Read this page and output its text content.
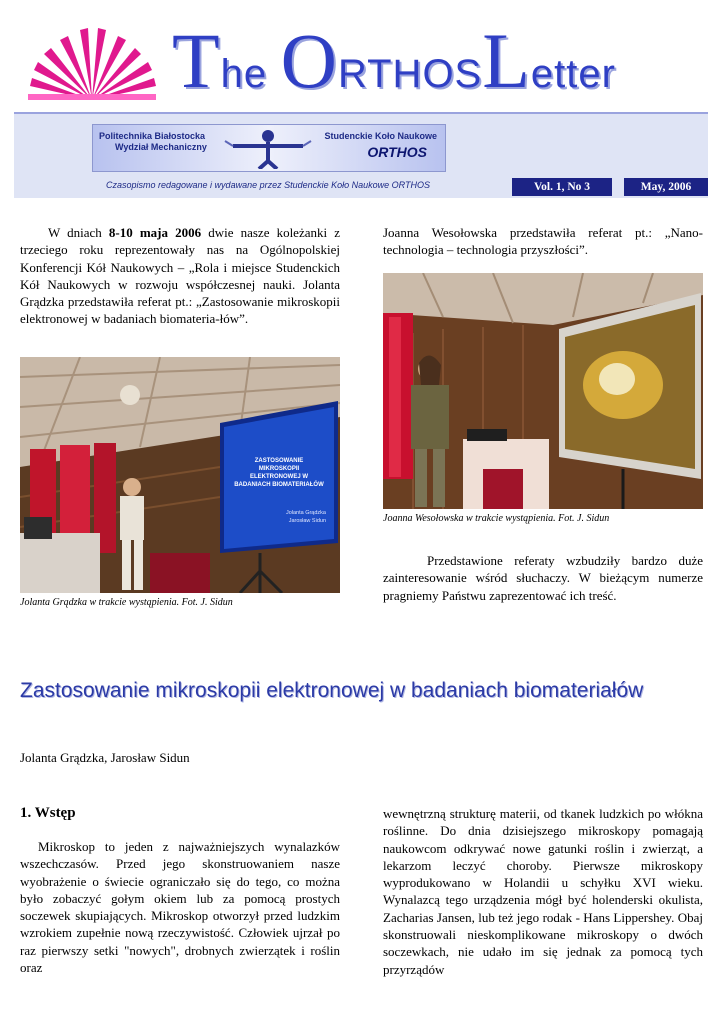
The ORTHOSLetter
Politechnika Białostocka
Wydział Mechaniczny
Studenckie Koło Naukowe
ORTHOS
Czasopismo redagowane i wydawane przez Studenckie Koło Naukowe ORTHOS	Vol. 1, No 3	May, 2006

W dniach 8-10 maja 2006 dwie nasze koleżanki z trzeciego roku reprezentowały nas na Ogólnopolskiej Konferencji Kół Naukowych – „Rola i miejsce Studenckich Kół Naukowych w rozwoju współczesnej nauki. Jolanta Grądzka przedstawiła referat pt.: „Zastosowanie mikroskopii elektronowej w badaniach biomateria-łów”.

Joanna Wesołowska przedstawiła referat pt.: „Nano-technologia – technologia przyszłości”.

ZASTOSOWANIE MIKROSKOPII ELEKTRONOWEJ W BADANIACH BIOMATERIAŁÓW
Jolanta Grądzka
Jarosław Sidun
Jolanta Grądzka w trakcie wystąpienia. Fot. J. Sidun
Joanna Wesołowska w trakcie wystąpienia. Fot. J. Sidun

Przedstawione referaty wzbudziły bardzo duże zainteresowanie wśród słuchaczy. W bieżącym numerze pragniemy Państwu zaprezentować ich treść.

Zastosowanie mikroskopii elektronowej w badaniach biomateriałów
Jolanta Grądzka, Jarosław Sidun
1. Wstęp

Mikroskop to jeden z najważniejszych wynalazków wszechczasów. Przed jego skonstruowaniem nasze wyobrażenie o świecie ograniczało się do tego, co można było zobaczyć gołym okiem lub za pomocą prostych soczewek skupiających. Mikroskop otworzył przed ludzkim wzrokiem zupełnie nową rzeczywistość. Człowiek ujrzał po raz pierwszy setki "nowych", drobnych zwierzątek i roślin oraz

wewnętrzną strukturę materii, od tkanek ludzkich po włókna roślinne. Do dnia dzisiejszego mikroskopy pomagają naukowcom odkrywać nowe gatunki roślin i zwierząt, a lekarzom leczyć choroby. Pierwsze mikroskopy wyprodukowano w Holandii u schyłku XVI wieku. Wynalazcą tego urządzenia mógł być holenderski okulista, Zacharias Jansen, lub też jego rodak - Hans Lippershey. Obaj skonstruowali nieskomplikowane mikroskopy o dwóch soczewkach, nie udało im się jednak za pomocą tych przyrządów
